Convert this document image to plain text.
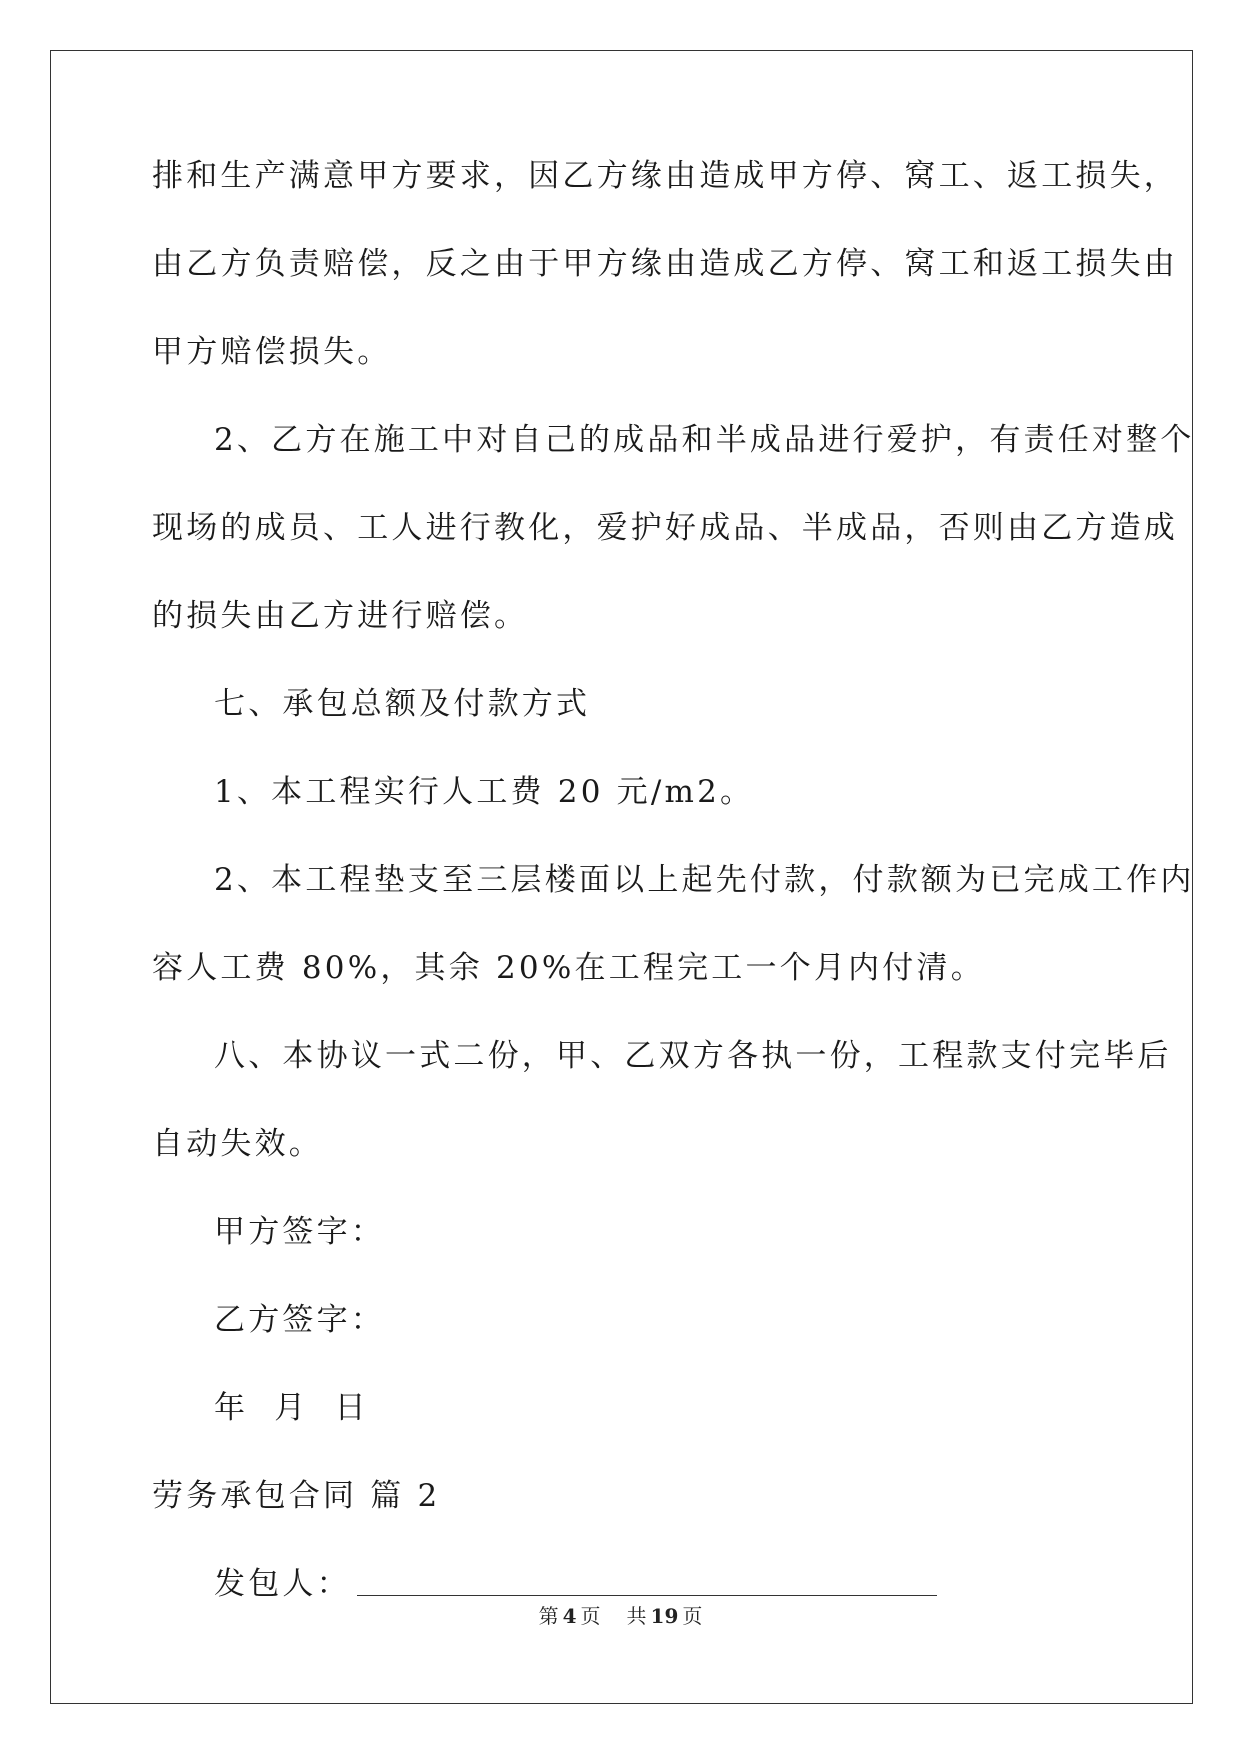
排和生产满意甲方要求，因乙方缘由造成甲方停、窝工、返工损失，
由乙方负责赔偿，反之由于甲方缘由造成乙方停、窝工和返工损失由
甲方赔偿损失。
2、乙方在施工中对自己的成品和半成品进行爱护，有责任对整个
现场的成员、工人进行教化，爱护好成品、半成品，否则由乙方造成
的损失由乙方进行赔偿。
七、承包总额及付款方式
1、本工程实行人工费 20 元/m2。
2、本工程垫支至三层楼面以上起先付款，付款额为已完成工作内
容人工费 80%，其余 20%在工程完工一个月内付清。
八、本协议一式二份，甲、乙双方各执一份，工程款支付完毕后
自动失效。
甲方签字：
乙方签字：
年  月  日
劳务承包合同 篇 2
发包人：
第 4 页 共 19 页
